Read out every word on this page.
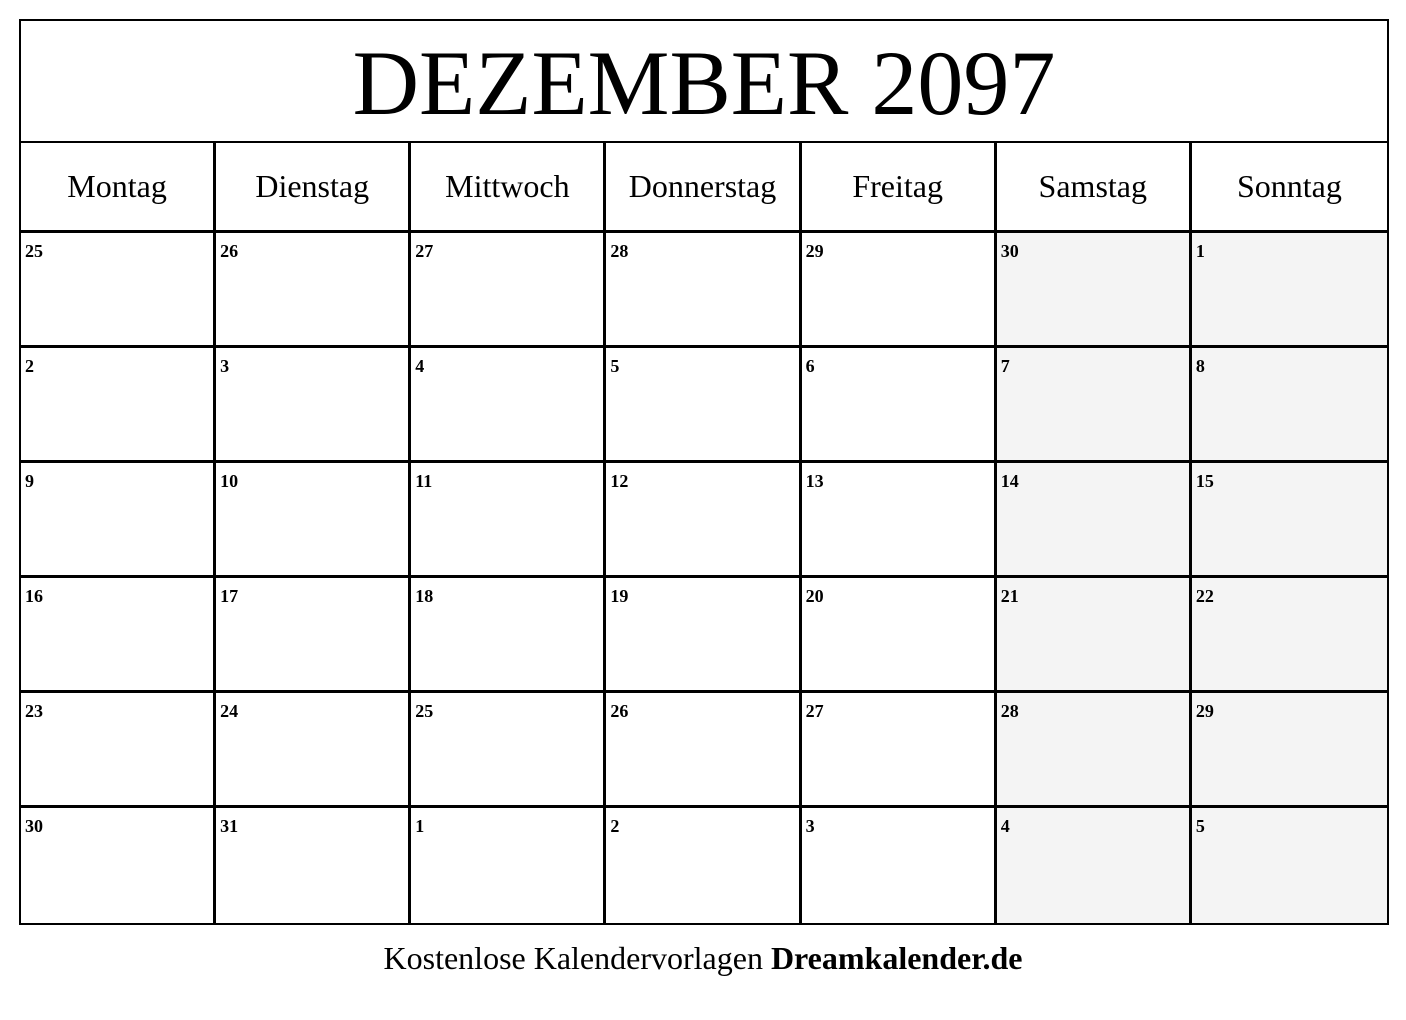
DEZEMBER 2097
Montag	Dienstag	Mittwoch	Donnerstag	Freitag	Samstag	Sonntag
25	26	27	28	29	30	1
2	3	4	5	6	7	8
9	10	11	12	13	14	15
16	17	18	19	20	21	22
23	24	25	26	27	28	29
30	31	1	2	3	4	5
Kostenlose Kalendervorlagen Dreamkalender.de
